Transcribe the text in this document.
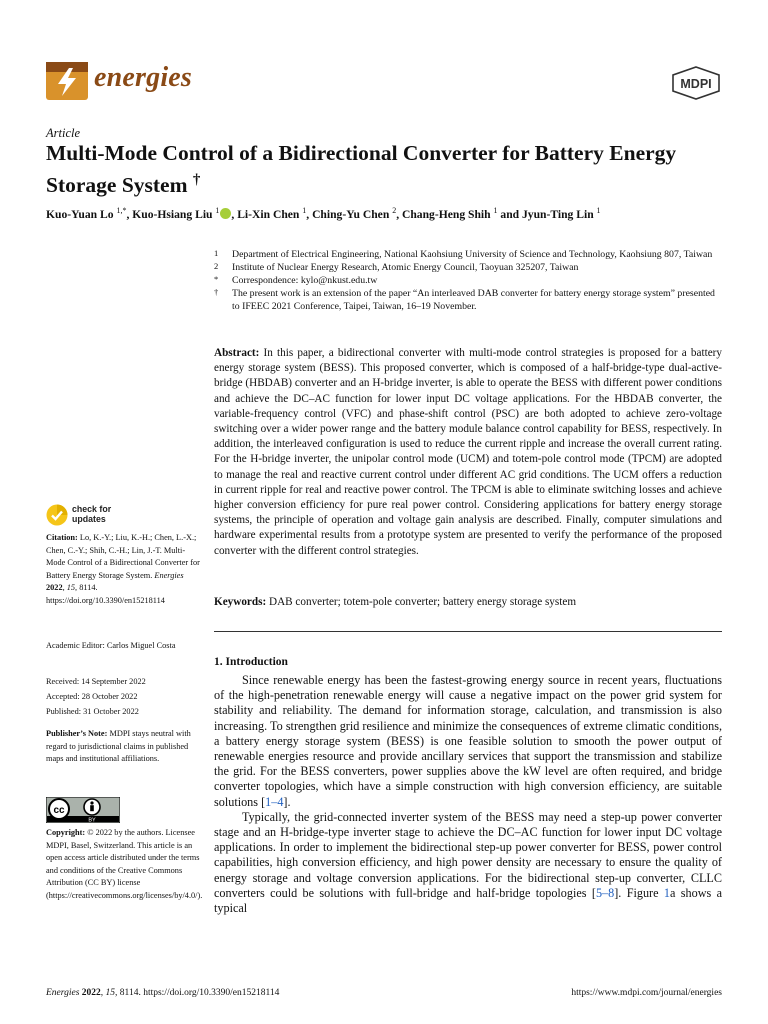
energies	MDPI
Article
Multi-Mode Control of a Bidirectional Converter for Battery Energy Storage System †
Kuo-Yuan Lo $^{1,*}$, Kuo-Hsiang Liu $^1$ , Li-Xin Chen $^1$, Ching-Yu Chen $^2$, Chang-Heng Shih $^1$ and Jyun-Ting Lin $^1$
1 Department of Electrical Engineering, National Kaohsiung University of Science and Technology, Kaohsiung 807, Taiwan
2 Institute of Nuclear Energy Research, Atomic Energy Council, Taoyuan 325207, Taiwan
* Correspondence: kylo@nkust.edu.tw
† The present work is an extension of the paper “An interleaved DAB converter for battery energy storage system” presented to IFEEC 2021 Conference, Taipei, Taiwan, 16–19 November.
Abstract: In this paper, a bidirectional converter with multi-mode control strategies is proposed for a battery energy storage system (BESS). This proposed converter, which is composed of a half-bridge-type dual-active-bridge (HBDAB) converter and an H-bridge inverter, is able to operate the BESS with different power conditions and achieve the DC–AC function for lower input DC voltage applications. For the HBDAB converter, the variable-frequency control (VFC) and phase-shift control (PSC) are both adopted to achieve zero-voltage switching over a wider power range and the battery module balance control capability for BESS, respectively. In addition, the interleaved configuration is used to reduce the current ripple and increase the overall current rating. For the H-bridge inverter, the unipolar control mode (UCM) and totem-pole control mode (TPCM) are adopted to manage the real and reactive current control under different AC grid conditions. The UCM offers a reduction in current ripple for real and reactive power control. The TPCM is able to eliminate switching losses and achieve higher conversion efficiency for pure real power control. Considering applications for battery energy storage systems, the principle of operation and voltage gain analysis are described. Finally, computer simulations and hardware experimental results from a prototype system are presented to verify the performance of the proposed converter with the different control strategies.
Keywords: DAB converter; totem-pole converter; battery energy storage system
1. Introduction

Since renewable energy has been the fastest-growing energy source in recent years, fluctuations of the high-penetration renewable energy will cause a negative impact on the power grid system for stability and reliability. The demand for information storage, calculation, and transmission is also increasing. To strengthen grid resilience and minimize the consequences of extreme climatic conditions, a battery energy storage system (BESS) is one feasible solution to smooth the power output of renewable energies resource and provide ancillary services that support the transmission and stabilize the grid. For the BESS converters, power supplies above the kW level are often required, and bridge converter topologies, which have a simple construction with high conversion efficiency, are suitable solutions [1–4].

Typically, the grid-connected inverter system of the BESS may need a step-up power converter stage and an H-bridge-type inverter stage to achieve the DC–AC function for lower input DC voltage applications. In order to implement the bidirectional step-up power converter for BESS, power control capabilities, high conversion efficiency, and high power density are necessary to ensure the quality of energy storage and voltage conversion applications. For the bidirectional step-up converter, CLLC converters could be solutions with full-bridge and half-bridge topologies [5–8]. Figure 1a shows a typical

check for
updates
Citation: Lo, K.-Y.; Liu, K.-H.; Chen, L.-X.; Chen, C.-Y.; Shih, C.-H.; Lin, J.-T. Multi-Mode Control of a Bidirectional Converter for Battery Energy Storage System. Energies 2022, 15, 8114. https://doi.org/10.3390/en15218114
Academic Editor: Carlos Miguel Costa
Received: 14 September 2022
Accepted: 28 October 2022
Published: 31 October 2022
Publisher’s Note: MDPI stays neutral with regard to jurisdictional claims in published maps and institutional affiliations.
cc
BY
Copyright: © 2022 by the authors. Licensee MDPI, Basel, Switzerland. This article is an open access article distributed under the terms and conditions of the Creative Commons Attribution (CC BY) license (https://creativecommons.org/licenses/by/4.0/).
Energies 2022, 15, 8114. https://doi.org/10.3390/en15218114	https://www.mdpi.com/journal/energies
